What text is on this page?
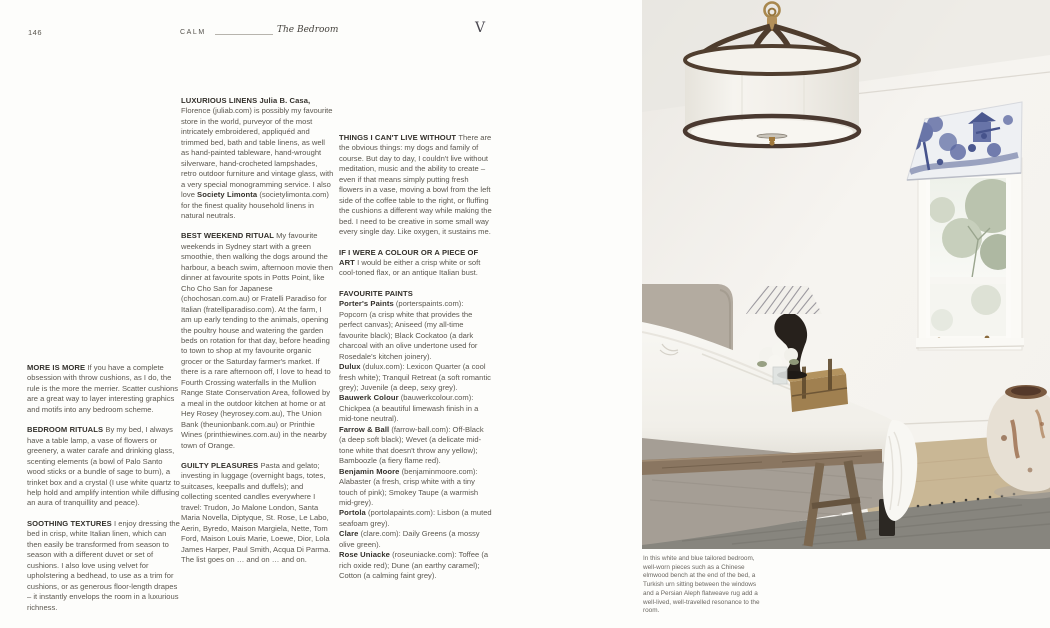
146	CALM	The Bedroom	V

MORE IS MORE If you have a complete obsession with throw cushions, as I do, the rule is the more the merrier. Scatter cushions are a great way to layer interesting graphics and motifs into any bedroom scheme.

BEDROOM RITUALS By my bed, I always have a table lamp, a vase of flowers or greenery, a water carafe and drinking glass, scenting elements (a bowl of Palo Santo wood sticks or a bundle of sage to burn), a trinket box and a crystal (I use white quartz to help hold and amplify intention while diffusing an aura of tranquillity and peace).

SOOTHING TEXTURES I enjoy dressing the bed in crisp, white Italian linen, which can then easily be transformed from season to season with a different duvet or set of cushions. I also love using velvet for upholstering a bedhead, to use as a trim for cushions, or as generous floor-length drapes – it instantly envelops the room in a luxurious richness.

LUXURIOUS LINENS Julia B. Casa, Florence (juliab.com) is possibly my favourite store in the world, purveyor of the most intricately embroidered, appliquéd and trimmed bed, bath and table linens, as well as hand-painted tableware, hand-wrought silverware, hand-crocheted lampshades, retro outdoor furniture and vintage glass, with a very special monogramming service. I also love Society Limonta (societylimonta.com) for the finest quality household linens in natural neutrals.

BEST WEEKEND RITUAL My favourite weekends in Sydney start with a green smoothie, then walking the dogs around the harbour, a beach swim, afternoon movie then dinner at favourite spots in Potts Point, like Cho Cho San for Japanese (chochosan.com.au) or Fratelli Paradiso for Italian (fratelliparadiso.com). At the farm, I am up early tending to the animals, opening the poultry house and watering the garden beds on rotation for that day, before heading to town to shop at my favourite organic grocer or the Saturday farmer's market. If there is a rare afternoon off, I love to head to Fourth Crossing waterfalls in the Mullion Range State Conservation Area, followed by a meal in the outdoor kitchen at home or at Hey Rosey (heyrosey.com.au), The Union Bank (theunionbank.com.au) or Printhie Wines (printhiewines.com.au) in the nearby town of Orange.

GUILTY PLEASURES Pasta and gelato; investing in luggage (overnight bags, totes, suitcases, keepalls and duffels); and collecting scented candles everywhere I travel: Trudon, Jo Malone London, Santa Maria Novella, Diptyque, St. Rose, Le Labo, Aerin, Byredo, Maison Margiela, Nette, Tom Ford, Maison Louis Marie, Loewe, Dior, Lola James Harper, Paul Smith, Acqua Di Parma. The list goes on … and on … and on.

THINGS I CAN'T LIVE WITHOUT There are the obvious things: my dogs and family of course. But day to day, I couldn't live without meditation, music and the ability to create – even if that means simply putting fresh flowers in a vase, moving a bowl from the left side of the coffee table to the right, or fluffing the cushions a different way while making the bed. I need to be creative in some small way every single day. Like oxygen, it sustains me.

IF I WERE A COLOUR OR A PIECE OF ART I would be either a crisp white or soft cool-toned flax, or an antique Italian bust.

FAVOURITE PAINTS

Porter's Paints (porterspaints.com): Popcorn (a crisp white that provides the perfect canvas); Aniseed (my all-time favourite black); Black Cockatoo (a dark charcoal with an olive undertone used for Rosedale's kitchen joinery).

Dulux (dulux.com): Lexicon Quarter (a cool fresh white); Tranquil Retreat (a soft romantic grey); Juvenile (a deep, sexy grey).

Bauwerk Colour (bauwerkcolour.com): Chickpea (a beautiful limewash finish in a mid-tone neutral).

Farrow & Ball (farrow-ball.com): Off-Black (a deep soft black); Wevet (a delicate mid-tone white that doesn't throw any yellow); Bamboozle (a fiery flame red).

Benjamin Moore (benjaminmoore.com): Alabaster (a fresh, crisp white with a tiny touch of pink); Smokey Taupe (a warmish mid-grey).

Portola (portolapaints.com): Lisbon (a muted seafoam grey).

Clare (clare.com): Daily Greens (a mossy olive green).

Rose Uniacke (roseuniacke.com): Toffee (a rich oxide red); Dune (an earthy caramel); Cotton (a calming faint grey).

In this white and blue tailored bedroom, well-worn pieces such as a Chinese elmwood bench at the end of the bed, a Turkish urn sitting between the windows and a Persian Aleph flatweave rug add a well-lived, well-travelled resonance to the room.
